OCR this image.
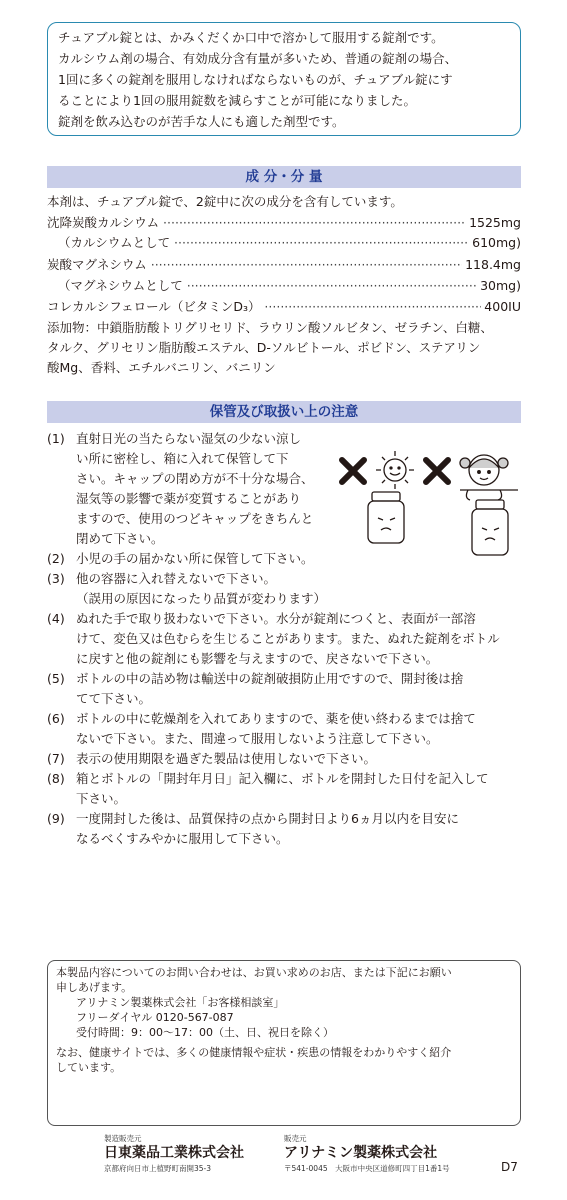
チュアブル錠とは、かみくだくか口中で溶かして服用する錠剤です。
カルシウム剤の場合、有効成分含有量が多いため、普通の錠剤の場合、
1回に多くの錠剤を服用しなければならないものが、チュアブル錠にす
ることにより1回の服用錠数を減らすことが可能になりました。
錠剤を飲み込むのが苦手な人にも適した剤型です。
成 分・分 量
本剤は、チュアブル錠で、2錠中に次の成分を含有しています。
沈降炭酸カルシウム ·····	1525mg
（カルシウムとして ·····	610mg)
炭酸マグネシウム ·····	118.4mg
（マグネシウムとして ·····	30mg)
コレカルシフェロール（ビタミンD₃） ·····	400IU
添加物：中鎖脂肪酸トリグリセリド、ラウリン酸ソルビタン、ゼラチン、白糖、
タルク、グリセリン脂肪酸エステル、D-ソルビトール、ポビドン、ステアリン
酸Mg、香料、エチルバニリン、バニリン
保管及び取扱い上の注意
(1) 直射日光の当たらない湿気の少ない涼し
い所に密栓し、箱に入れて保管して下
さい。キャップの閉め方が不十分な場合、
湿気等の影響で薬が変質することがあり
ますので、使用のつどキャップをきちんと
閉めて下さい。
(2) 小児の手の届かない所に保管して下さい。
(3) 他の容器に入れ替えないで下さい。
（誤用の原因になったり品質が変わります）
(4) ぬれた手で取り扱わないで下さい。水分が錠剤につくと、表面が一部溶
けて、変色又は色むらを生じることがあります。また、ぬれた錠剤をボトル
に戻すと他の錠剤にも影響を与えますので、戻さないで下さい。
(5) ボトルの中の詰め物は輸送中の錠剤破損防止用ですので、開封後は捨
てて下さい。
(6) ボトルの中に乾燥剤を入れてありますので、薬を使い終わるまでは捨て
ないで下さい。また、間違って服用しないよう注意して下さい。
(7) 表示の使用期限を過ぎた製品は使用しないで下さい。
(8) 箱とボトルの「開封年月日」記入欄に、ボトルを開封した日付を記入して
下さい。
(9) 一度開封した後は、品質保持の点から開封日より6ヵ月以内を目安に
なるべくすみやかに服用して下さい。
本製品内容についてのお問い合わせは、お買い求めのお店、または下記にお願い
申しあげます。
アリナミン製薬株式会社「お客様相談室」
フリーダイヤル 0120-567-087
受付時間：9：00〜17：00（土、日、祝日を除く）
なお、健康サイトでは、多くの健康情報や症状・疾患の情報をわかりやすく紹介
しています。
製造販売元
日東薬品工業株式会社
京都府向日市上植野町南開35-3
販売元
アリナミン製薬株式会社
〒541-0045　大阪市中央区道修町四丁目1番1号	D7
